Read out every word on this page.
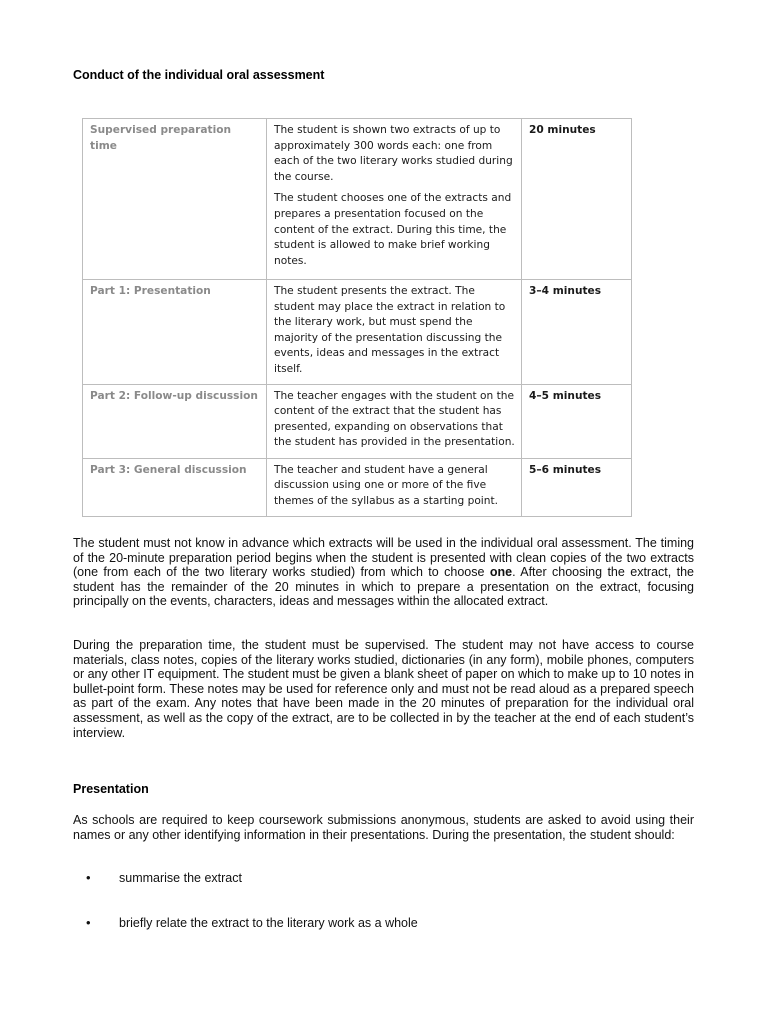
Conduct of the individual oral assessment
Supervised preparation time	The student is shown two extracts of up to approximately 300 words each: one from each of the two literary works studied during the course.

The student chooses one of the extracts and prepares a presentation focused on the content of the extract. During this time, the student is allowed to make brief working notes.	20 minutes
Part 1: Presentation	The student presents the extract. The student may place the extract in relation to the literary work, but must spend the majority of the presentation discussing the events, ideas and messages in the extract itself.	3–4 minutes
Part 2: Follow-up discussion	The teacher engages with the student on the content of the extract that the student has presented, expanding on observations that the student has provided in the presentation.	4–5 minutes
Part 3: General discussion	The teacher and student have a general discussion using one or more of the five themes of the syllabus as a starting point.	5–6 minutes

The student must not know in advance which extracts will be used in the individual oral assessment. The timing of the 20-minute preparation period begins when the student is presented with clean copies of the two extracts (one from each of the two literary works studied) from which to choose one. After choosing the extract, the student has the remainder of the 20 minutes in which to prepare a presentation on the extract, focusing principally on the events, characters, ideas and messages within the allocated extract.

During the preparation time, the student must be supervised. The student may not have access to course materials, class notes, copies of the literary works studied, dictionaries (in any form), mobile phones, computers or any other IT equipment. The student must be given a blank sheet of paper on which to make up to 10 notes in bullet-point form. These notes may be used for reference only and must not be read aloud as a prepared speech as part of the exam. Any notes that have been made in the 20 minutes of preparation for the individual oral assessment, as well as the copy of the extract, are to be collected in by the teacher at the end of each student’s interview.

Presentation

As schools are required to keep coursework submissions anonymous, students are asked to avoid using their names or any other identifying information in their presentations. During the presentation, the student should:

• summarise the extract
• briefly relate the extract to the literary work as a whole
